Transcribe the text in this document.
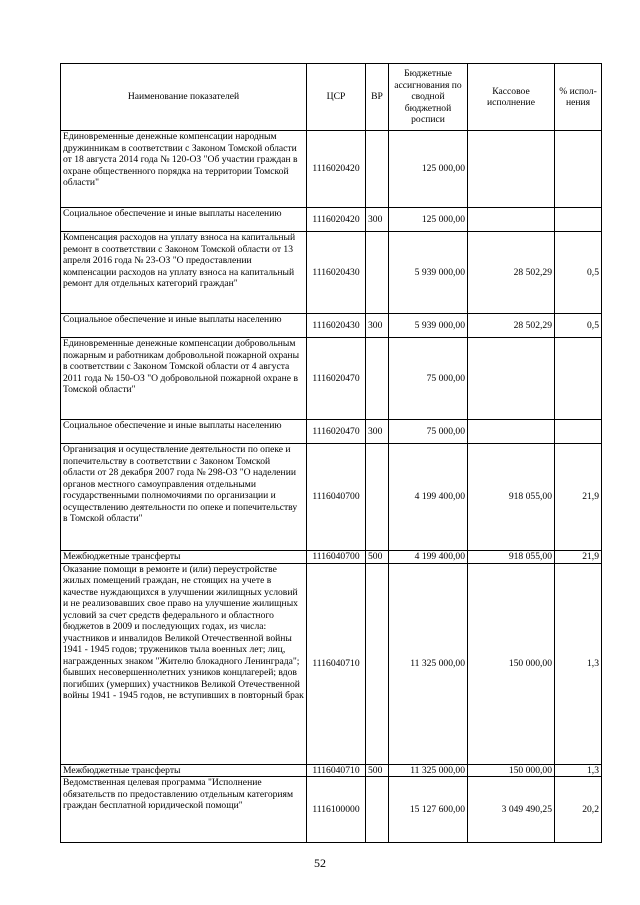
Наименование показателей	ЦСР	ВР	Бюджетные ассигнования по сводной бюджетной росписи	Кассовое исполнение	% испол-нения
Единовременные денежные компенсации народным дружинникам в соответствии с Законом Томской области от 18 августа 2014 года № 120-ОЗ "Об участии граждан в охране общественного порядка на территории Томской области"	1116020420		125 000,00		
Социальное обеспечение и иные выплаты населению	1116020420	300	125 000,00		
Компенсация расходов на уплату взноса на капитальный ремонт в соответствии с Законом Томской области от 13 апреля 2016 года № 23-ОЗ "О предоставлении компенсации расходов на уплату взноса на капитальный ремонт для отдельных категорий граждан"	1116020430		5 939 000,00	28 502,29	0,5
Социальное обеспечение и иные выплаты населению	1116020430	300	5 939 000,00	28 502,29	0,5
Единовременные денежные компенсации добровольным пожарным и работникам добровольной пожарной охраны в соответствии с Законом Томской области от 4 августа 2011 года № 150-ОЗ "О добровольной пожарной охране в Томской области"	1116020470		75 000,00		
Социальное обеспечение и иные выплаты населению	1116020470	300	75 000,00		
Организация и осуществление деятельности по опеке и попечительству в соответствии с Законом Томской области от 28 декабря 2007 года № 298-ОЗ "О наделении органов местного самоуправления отдельными государственными полномочиями по организации и осуществлению деятельности по опеке и попечительству в Томской области"	1116040700		4 199 400,00	918 055,00	21,9
Межбюджетные трансферты	1116040700	500	4 199 400,00	918 055,00	21,9
Оказание помощи в ремонте и (или) переустройстве жилых помещений граждан, не стоящих на учете в качестве нуждающихся в улучшении жилищных условий и не реализовавших свое право на улучшение жилищных условий за счет средств федерального и областного бюджетов в 2009 и последующих годах, из числа: участников и инвалидов Великой Отечественной войны 1941 - 1945 годов; тружеников тыла военных лет; лиц, награжденных знаком "Жителю блокадного Ленинграда"; бывших несовершеннолетних узников концлагерей; вдов погибших (умерших) участников Великой Отечественной войны 1941 - 1945 годов, не вступивших в повторный брак	1116040710		11 325 000,00	150 000,00	1,3
Межбюджетные трансферты	1116040710	500	11 325 000,00	150 000,00	1,3
Ведомственная целевая программа "Исполнение обязательств по предоставлению отдельным категориям граждан бесплатной юридической помощи"	1116100000		15 127 600,00	3 049 490,25	20,2
52
